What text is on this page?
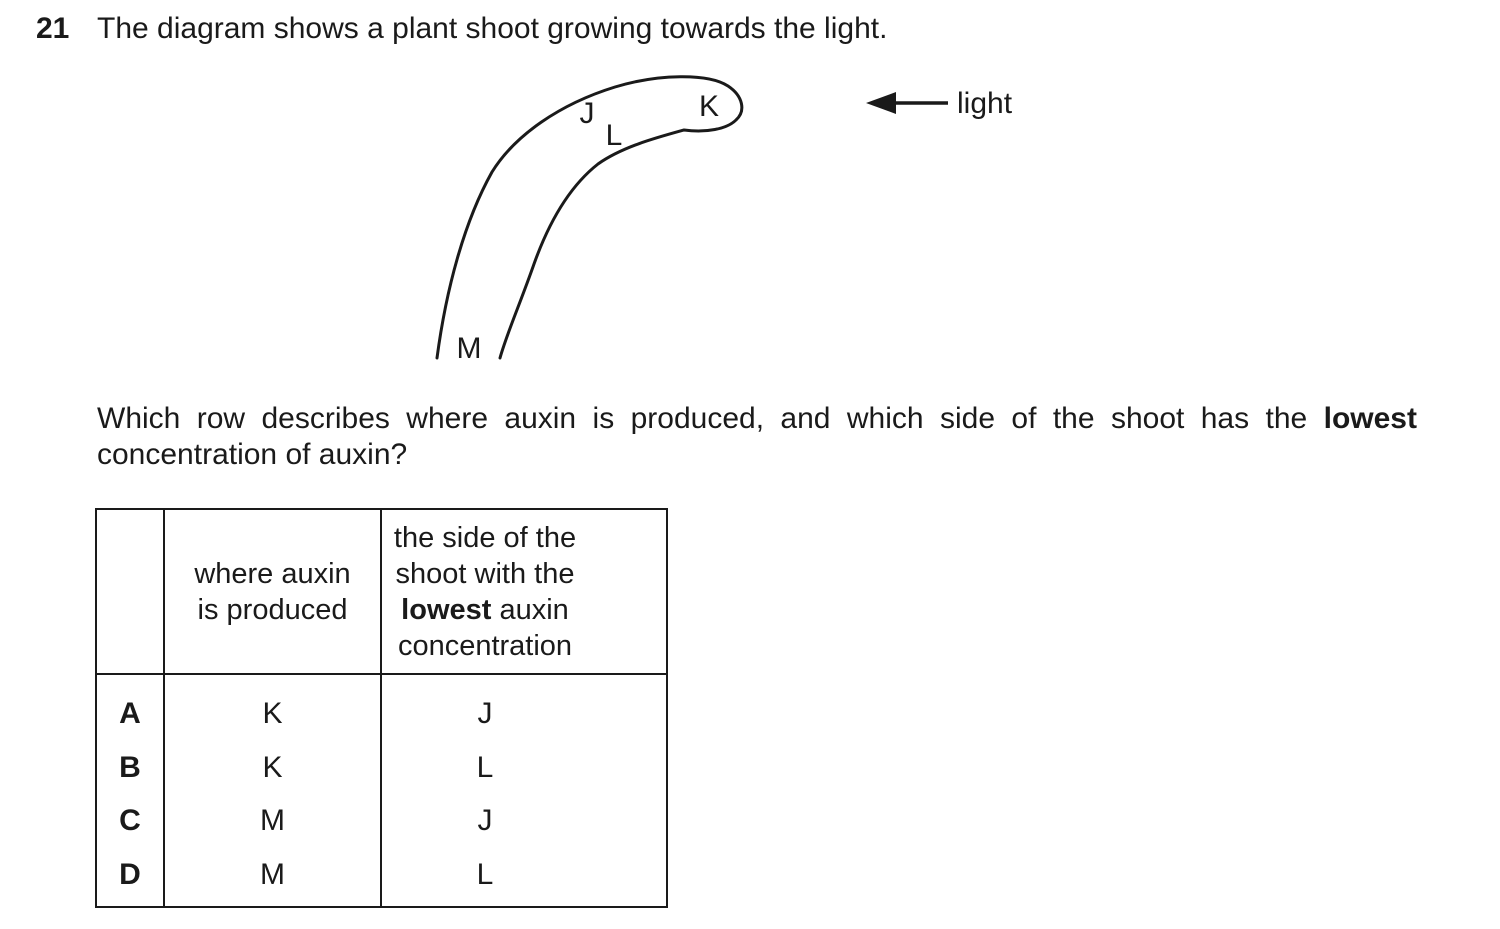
21 The diagram shows a plant shoot growing towards the light.
J
L
K
M
light
Which row describes where auxin is produced, and which side of the shoot has the lowest
concentration of auxin?
where auxin
is produced
the side of the
shoot with the
lowest auxin
concentration
A
B
C
D
K
K
M
M
J
L
J
L
